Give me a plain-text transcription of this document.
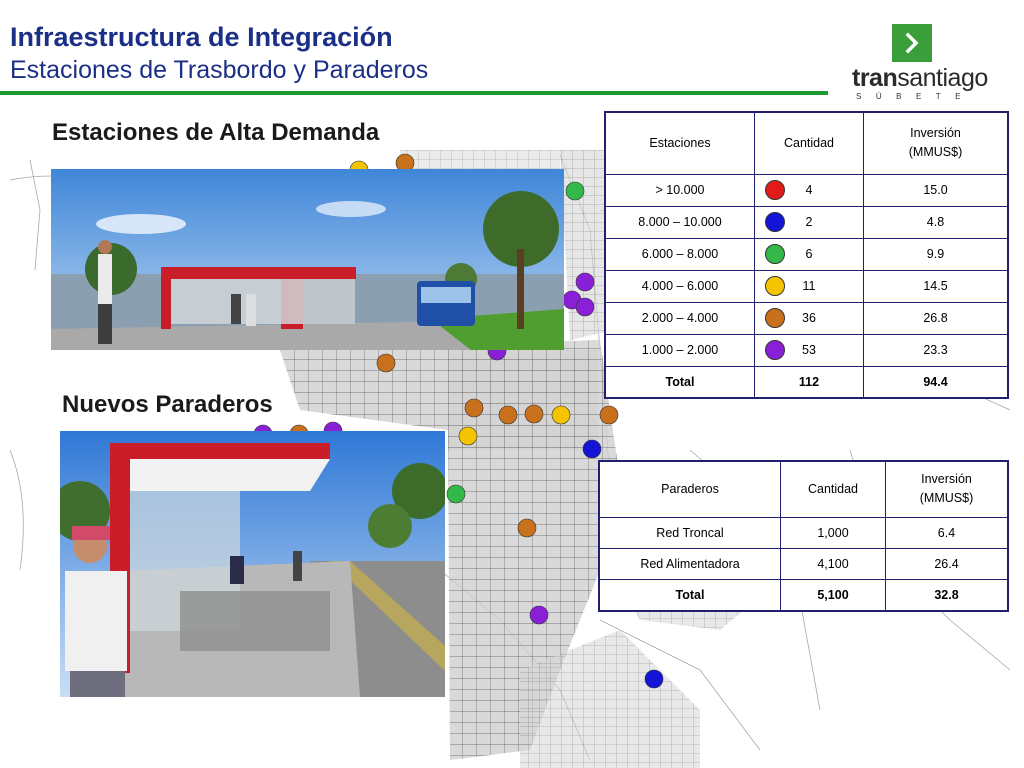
Infraestructura de Integración
Estaciones de Trasbordo y Paraderos	transantiago
SÚBETE
Estaciones de Alta Demanda
Nuevos Paraderos
Estaciones	Cantidad	Inversión
(MMUS$)

> 10.000	4	15.0
8.000 – 10.000	2	4.8
6.000 – 8.000	6	9.9
4.000 – 6.000	11	14.5
2.000 – 4.000	36	26.8
1.000 – 2.000	53	23.3
Total	112	94.4
Paraderos	Cantidad	Inversión
(MMUS$)

Red Troncal	1,000	6.4
Red Alimentadora	4,100	26.4
Total	5,100	32.8
